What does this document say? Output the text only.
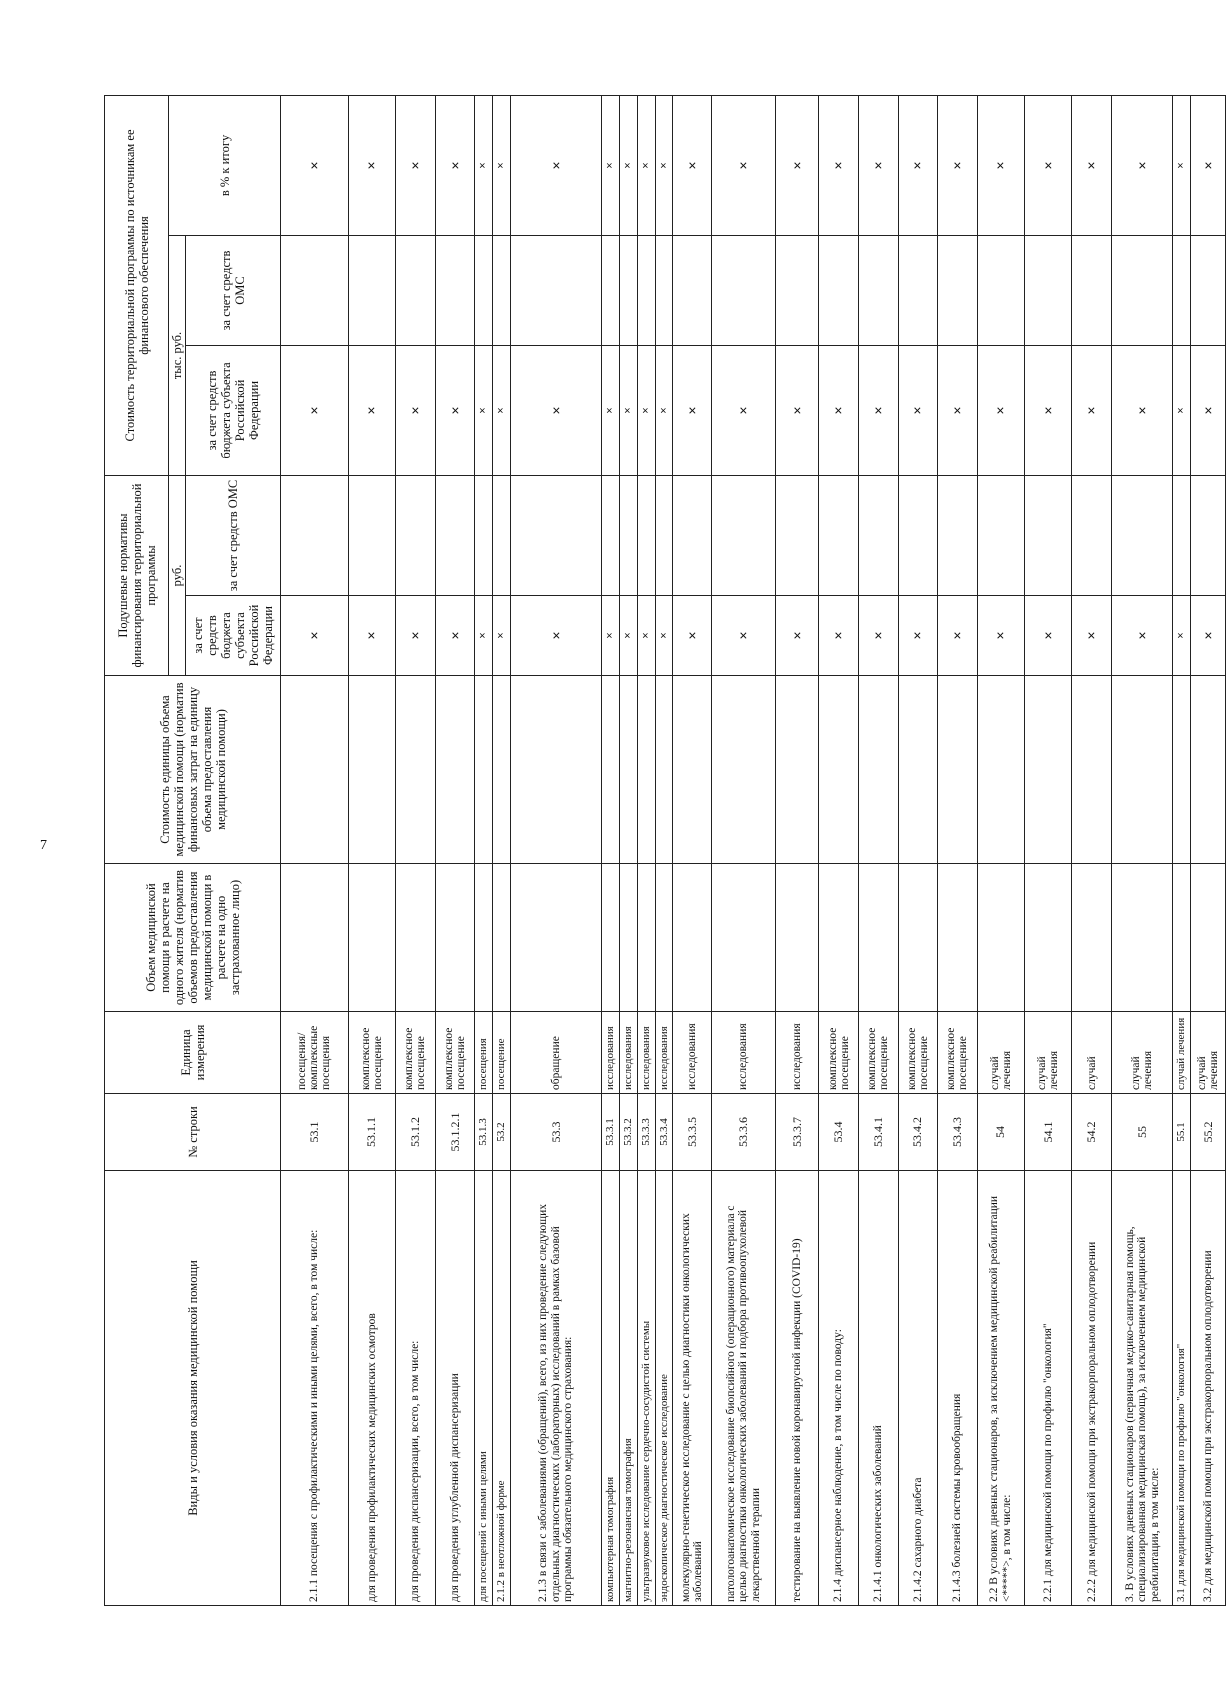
7
Виды и условия оказания медицинской помощи	№ строки	Единица измерения	Объем медицинской помощи в расчете на одного жителя (норматив объемов предоставления медицинской помощи в расчете на одно застрахованное лицо)	Стоимость единицы объема медицинской помощи (норматив финансовых затрат на единицу объема предоставления медицинской помощи)	Подушевые нормативы финансирования территориальной программы		Стоимость территориальной программы по источникам ее финансового обеспечения		
					руб.		тыс. руб.		в % к итогу
					за счет средств бюджета субъекта Российской Федерации	за счет средств ОМС	за счет средств бюджета субъекта Российской Федерации	за счет средств ОМС	
2.1.1 посещения с профилактическими и иными целями, всего, в том числе:	53.1	посещения/ комплексные посещения			×		×		×
для проведения профилактических медицинских осмотров	53.1.1	комплексное посещение			×		×		×
для проведения диспансеризации, всего, в том числе:	53.1.2	комплексное посещение			×		×		×
для проведения углубленной диспансеризации	53.1.2.1	комплексное посещение			×		×		×
для посещений с иными целями	53.1.3	посещения			×		×		×
2.1.2 в неотложной форме	53.2	посещение			×		×		×
2.1.3 в связи с заболеваниями (обращений), всего, из них проведение следующих отдельных диагностических (лабораторных) исследований в рамках базовой программы обязательного медицинского страхования:	53.3	обращение			×		×		×
компьютерная томография	53.3.1	исследования			×		×		×
магнитно-резонансная томография	53.3.2	исследования			×		×		×
ультразвуковое исследование сердечно-сосудистой системы	53.3.3	исследования			×		×		×
эндоскопическое диагностическое исследование	53.3.4	исследования			×		×		×
молекулярно-генетическое исследование с целью диагностики онкологических заболеваний	53.3.5	исследования			×		×		×
патологоанатомическое исследование биопсийного (операционного) материала с целью диагностики онкологических заболеваний и подбора противоопухолевой лекарственной терапии	53.3.6	исследования			×		×		×
тестирование на выявление новой коронавирусной инфекции (COVID-19)	53.3.7	исследования			×		×		×
2.1.4 диспансерное наблюдение, в том числе по поводу:	53.4	комплексное посещение			×		×		×
2.1.4.1 онкологических заболеваний	53.4.1	комплексное посещение			×		×		×
2.1.4.2 сахарного диабета	53.4.2	комплексное посещение			×		×		×
2.1.4.3 болезней системы кровообращения	53.4.3	комплексное посещение			×		×		×
2.2 В условиях дневных стационаров, за исключением медицинской реабилитации <*****>, в том числе:	54	случай лечения			×		×		×
2.2.1 для медицинской помощи по профилю "онкология"	54.1	случай лечения			×		×		×
2.2.2 для медицинской помощи при экстракорпоральном оплодотворении	54.2	случай			×		×		×
3. В условиях дневных стационаров (первичная медико-санитарная помощь, специализированная медицинская помощь), за исключением медицинской реабилитации, в том числе:	55	случай лечения			×		×		×
3.1 для медицинской помощи по профилю "онкология"	55.1	случай лечения			×		×		×
3.2 для медицинской помощи при экстракорпоральном оплодотворении	55.2	случай лечения			×		×		×
